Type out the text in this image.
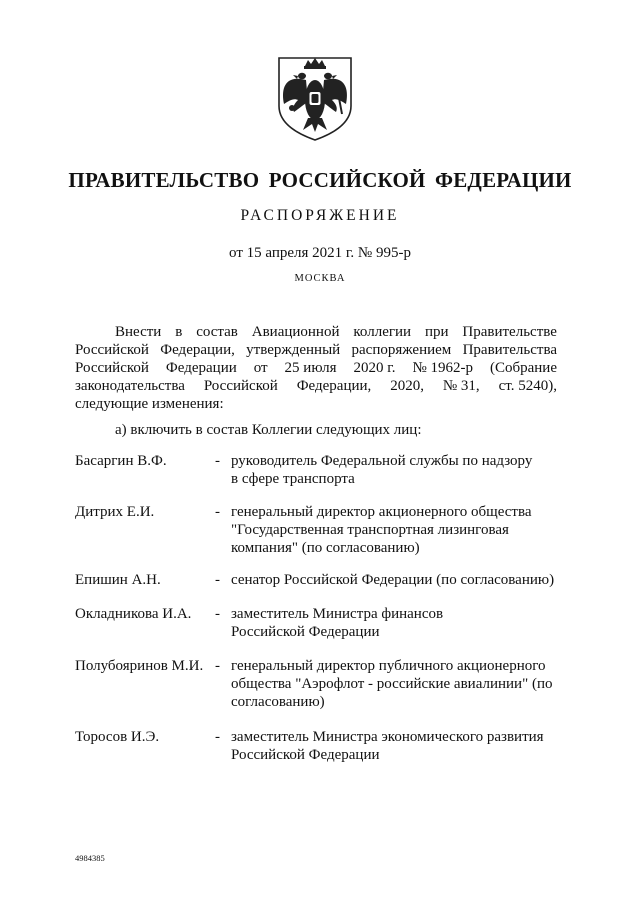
ПРАВИТЕЛЬСТВО РОССИЙСКОЙ ФЕДЕРАЦИИ
РАСПОРЯЖЕНИЕ
от 15 апреля 2021 г. № 995-р
МОСКВА
Внести в состав Авиационной коллегии при Правительстве
Российской Федерации, утвержденный распоряжением Правительства
Российской Федерации от 25 июля 2020 г. № 1962-р (Собрание
законодательства Российской Федерации, 2020, № 31, ст. 5240),
следующие изменения:
а) включить в состав Коллегии следующих лиц:
Басаргин В.Ф.	- руководитель Федеральной службы по надзору
в сфере транспорта
Дитрих Е.И.	- генеральный директор акционерного общества
"Государственная транспортная лизинговая
компания" (по согласованию)
Епишин А.Н.	- сенатор Российской Федерации (по согласованию)
Окладникова И.А. - заместитель Министра финансов
Российской Федерации
Полубояринов М.И. - генеральный директор публичного акционерного
общества "Аэрофлот - российские авиалинии" (по
согласованию)
Торосов И.Э.	- заместитель Министра экономического развития
Российской Федерации
4984385
